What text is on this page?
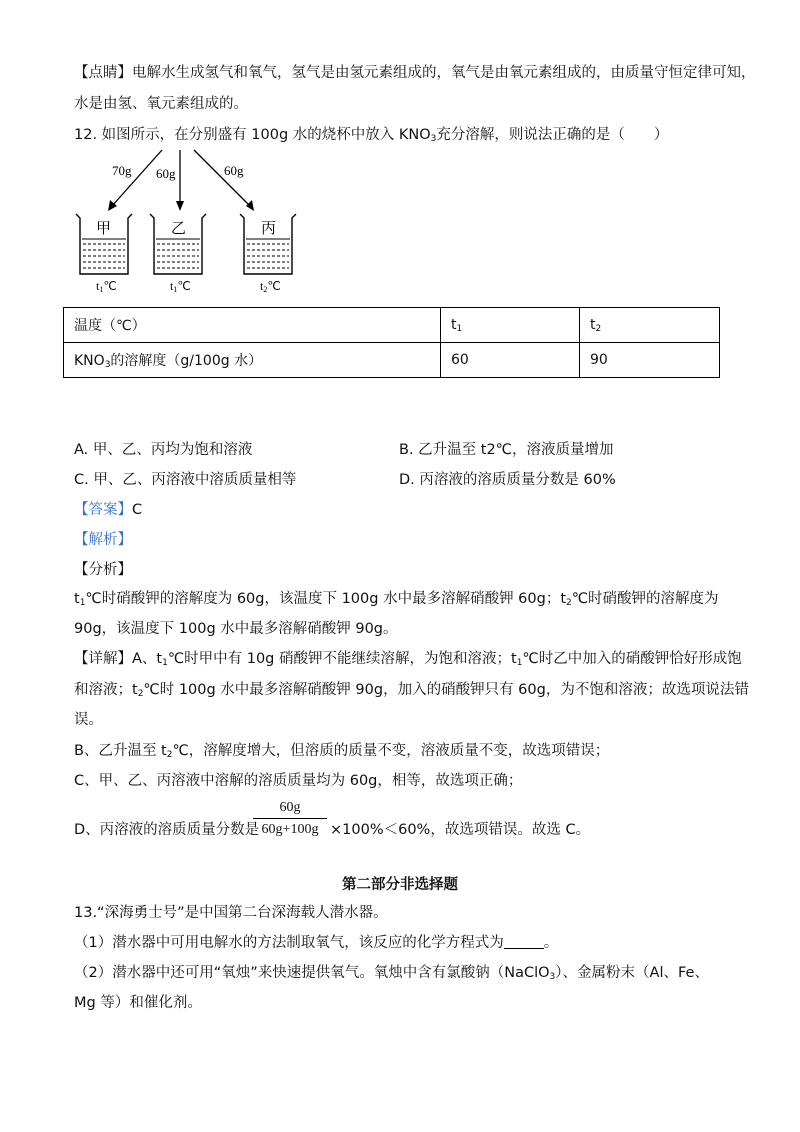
【点睛】电解水生成氢气和氧气，氢气是由氢元素组成的，氧气是由氧元素组成的，由质量守恒定律可知，
水是由氢、氧元素组成的。
12. 如图所示，在分别盛有 100g 水的烧杯中放入 $KNO_3$充分溶解，则说法正确的是（　　）
70g 60g	60g
甲	乙	丙
t1℃	t1℃	t2℃
温度（℃）	$t_1$	$t_2$
$KNO_3$的溶解度（g/100g 水）	60	90
A. 甲、乙、丙均为饱和溶液	B. 乙升温至 t2℃，溶液质量增加
C. 甲、乙、丙溶液中溶质质量相等	D. 丙溶液的溶质质量分数是 60%
【答案】C
【解析】
【分析】
$t_1℃$时硝酸钾的溶解度为 60g，该温度下 100g 水中最多溶解硝酸钾 60g；$t_2℃$时硝酸钾的溶解度为
90g，该温度下 100g 水中最多溶解硝酸钾 90g。
【详解】A、$t_1℃$时甲中有 10g 硝酸钾不能继续溶解，为饱和溶液；$t_1℃$时乙中加入的硝酸钾恰好形成饱
和溶液；$t_2℃$时 100g 水中最多溶解硝酸钾 90g，加入的硝酸钾只有 60g，为不饱和溶液；故选项说法错
误。
B、乙升温至 $t_2℃$，溶解度增大，但溶质的质量不变，溶液质量不变，故选项错误；
C、甲、乙、丙溶液中溶解的溶质质量均为 60g，相等，故选项正确；
D、丙溶液的溶质质量分数是
$\frac{60g}{60g+100g} \times 100\%<60\%$，故选项错误。故选 C。
第二部分非选择题
13.“深海勇士号”是中国第二台深海载人潜水器。
（1）潜水器中可用电解水的方法制取氧气，该反应的化学方程式为	。
（2）潜水器中还可用“氧烛”来快速提供氧气。氧烛中含有氯酸钠（NaClO$_3$）、金属粉末（Al、Fe、
Mg 等）和催化剂。
